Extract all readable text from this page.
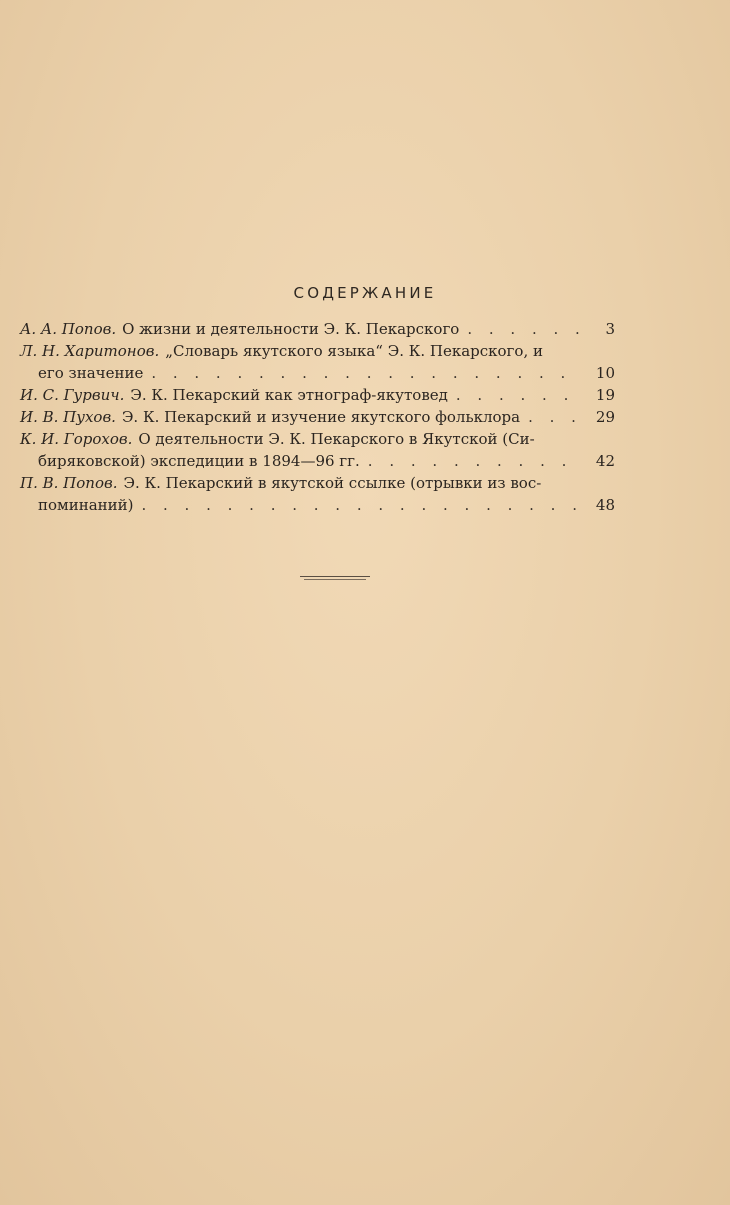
СОДЕРЖАНИЕ
А. А. Попов. О жизни и деятельности Э. К. Пекарского . . .	3
Л. Н. Харитонов. „Словарь якутского языка“ Э. К. Пекарского, и
его значение . . .	10
И. С. Гурвич. Э. К. Пекарский как этнограф-якутовед . . .	19
И. В. Пухов. Э. К. Пекарский и изучение якутского фольклора . . .	29
К. И. Горохов. О деятельности Э. К. Пекарского в Якутской (Си-
биряковской) экспедиции в 1894—96 гг. . . .	42
П. В. Попов. Э. К. Пекарский в якутской ссылке (отрывки из вос-
поминаний) . . .	48
